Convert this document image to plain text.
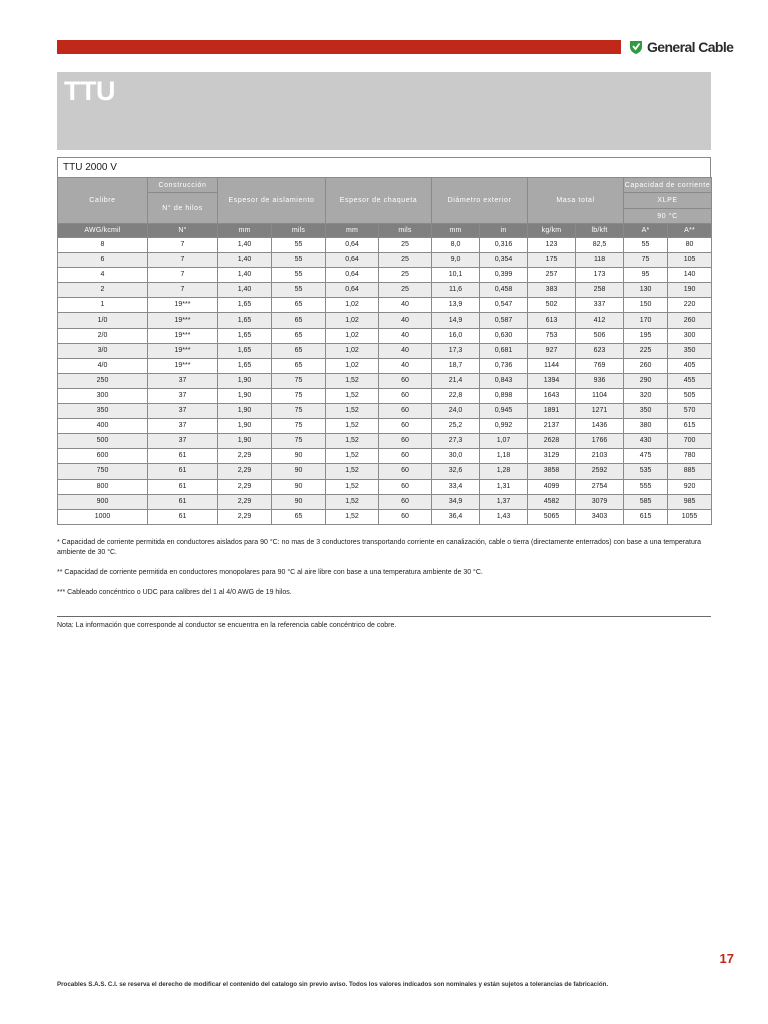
General Cable
TTU
TTU 2000 V
Calibre	Construcción	Espesor de aislamiento		Espesor de chaqueta		Diámetro exterior		Masa total		Capacidad de corriente	
	N° de hilos									XLPE	
										90 °C	
AWG/kcmil	N°	mm	mils	mm	mils	mm	in	kg/km	lb/kft	A*	A**
8	7	1,40	55	0,64	25	8,0	0,316	123	82,5	55	80
6	7	1,40	55	0,64	25	9,0	0,354	175	118	75	105
4	7	1,40	55	0,64	25	10,1	0,399	257	173	95	140
2	7	1,40	55	0,64	25	11,6	0,458	383	258	130	190
1	19***	1,65	65	1,02	40	13,9	0,547	502	337	150	220
1/0	19***	1,65	65	1,02	40	14,9	0,587	613	412	170	260
2/0	19***	1,65	65	1,02	40	16,0	0,630	753	506	195	300
3/0	19***	1,65	65	1,02	40	17,3	0,681	927	623	225	350
4/0	19***	1,65	65	1,02	40	18,7	0,736	1144	769	260	405
250	37	1,90	75	1,52	60	21,4	0,843	1394	936	290	455
300	37	1,90	75	1,52	60	22,8	0,898	1643	1104	320	505
350	37	1,90	75	1,52	60	24,0	0,945	1891	1271	350	570
400	37	1,90	75	1,52	60	25,2	0,992	2137	1436	380	615
500	37	1,90	75	1,52	60	27,3	1,07	2628	1766	430	700
600	61	2,29	90	1,52	60	30,0	1,18	3129	2103	475	780
750	61	2,29	90	1,52	60	32,6	1,28	3858	2592	535	885
800	61	2,29	90	1,52	60	33,4	1,31	4099	2754	555	920
900	61	2,29	90	1,52	60	34,9	1,37	4582	3079	585	985
1000	61	2,29	65	1,52	60	36,4	1,43	5065	3403	615	1055

* Capacidad de corriente permitida en conductores aislados para 90 °C: no mas de 3 conductores transportando corriente en canalización, cable o tierra (directamente enterrados) con base a una temperatura ambiente de 30 °C.

** Capacidad de corriente permitida en conductores monopolares para 90 °C al aire libre con base a una temperatura ambiente de 30 °C.

*** Cableado concéntrico o UDC para calibres del 1 al 4/0 AWG de 19 hilos.

Nota: La información que corresponde al conductor se encuentra en la referencia cable concéntrico de cobre.
17
Procables S.A.S. C.I. se reserva el derecho de modificar el contenido del catalogo sin previo aviso. Todos los valores indicados son nominales y están sujetos a tolerancias de fabricación.
